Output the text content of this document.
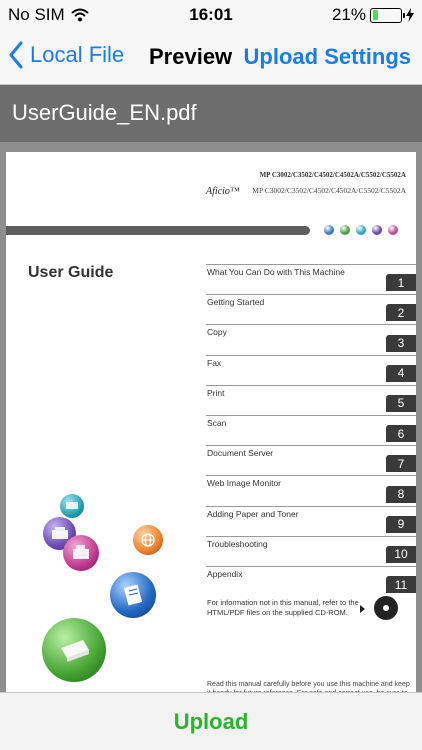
No SIM	16:01	21%
Local File Preview Upload Settings
UserGuide_EN.pdf
MP C3002/C3502/C4502/C4502A/C5502/C5502A
Aficio™ MP C3002/C3502/C4502/C4502A/C5502/C5502A
User Guide	What You Can Do with This Machine
1
Getting Started
2
Copy
3
Fax
4
Print
5
Scan
6
Document Server
7
Web Image Monitor
8
Adding Paper and Toner
9
Troubleshooting
10
Appendix
11
For information not in this manual, refer to the HTML/PDF files on the supplied CD-ROM.
Read this manual carefully before you use this machine and keep
Upload
